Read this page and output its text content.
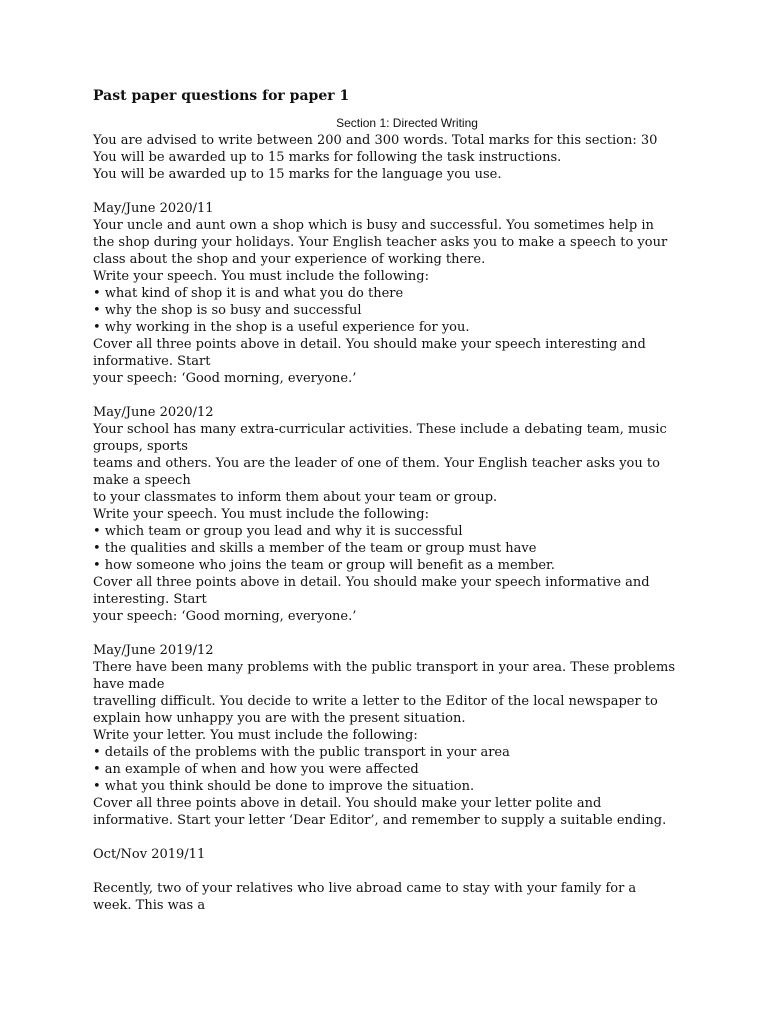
Past paper questions for paper 1

Section 1: Directed Writing

You are advised to write between 200 and 300 words. Total marks for this section: 30

You will be awarded up to 15 marks for following the task instructions.

You will be awarded up to 15 marks for the language you use.

May/June 2020/11

Your uncle and aunt own a shop which is busy and successful. You sometimes help in

the shop during your holidays. Your English teacher asks you to make a speech to your

class about the shop and your experience of working there.

Write your speech. You must include the following:

• what kind of shop it is and what you do there

• why the shop is so busy and successful

• why working in the shop is a useful experience for you.

Cover all three points above in detail. You should make your speech interesting and

informative. Start

your speech: ‘Good morning, everyone.’

May/June 2020/12

Your school has many extra-curricular activities. These include a debating team, music

groups, sports

teams and others. You are the leader of one of them. Your English teacher asks you to

make a speech

to your classmates to inform them about your team or group.

Write your speech. You must include the following:

• which team or group you lead and why it is successful

• the qualities and skills a member of the team or group must have

• how someone who joins the team or group will benefit as a member.

Cover all three points above in detail. You should make your speech informative and

interesting. Start

your speech: ‘Good morning, everyone.’

May/June 2019/12

There have been many problems with the public transport in your area. These problems

have made

travelling difficult. You decide to write a letter to the Editor of the local newspaper to

explain how unhappy you are with the present situation.

Write your letter. You must include the following:

• details of the problems with the public transport in your area

• an example of when and how you were affected

• what you think should be done to improve the situation.

Cover all three points above in detail. You should make your letter polite and

informative. Start your letter ‘Dear Editor’, and remember to supply a suitable ending.

Oct/Nov 2019/11

Recently, two of your relatives who live abroad came to stay with your family for a

week. This was a
